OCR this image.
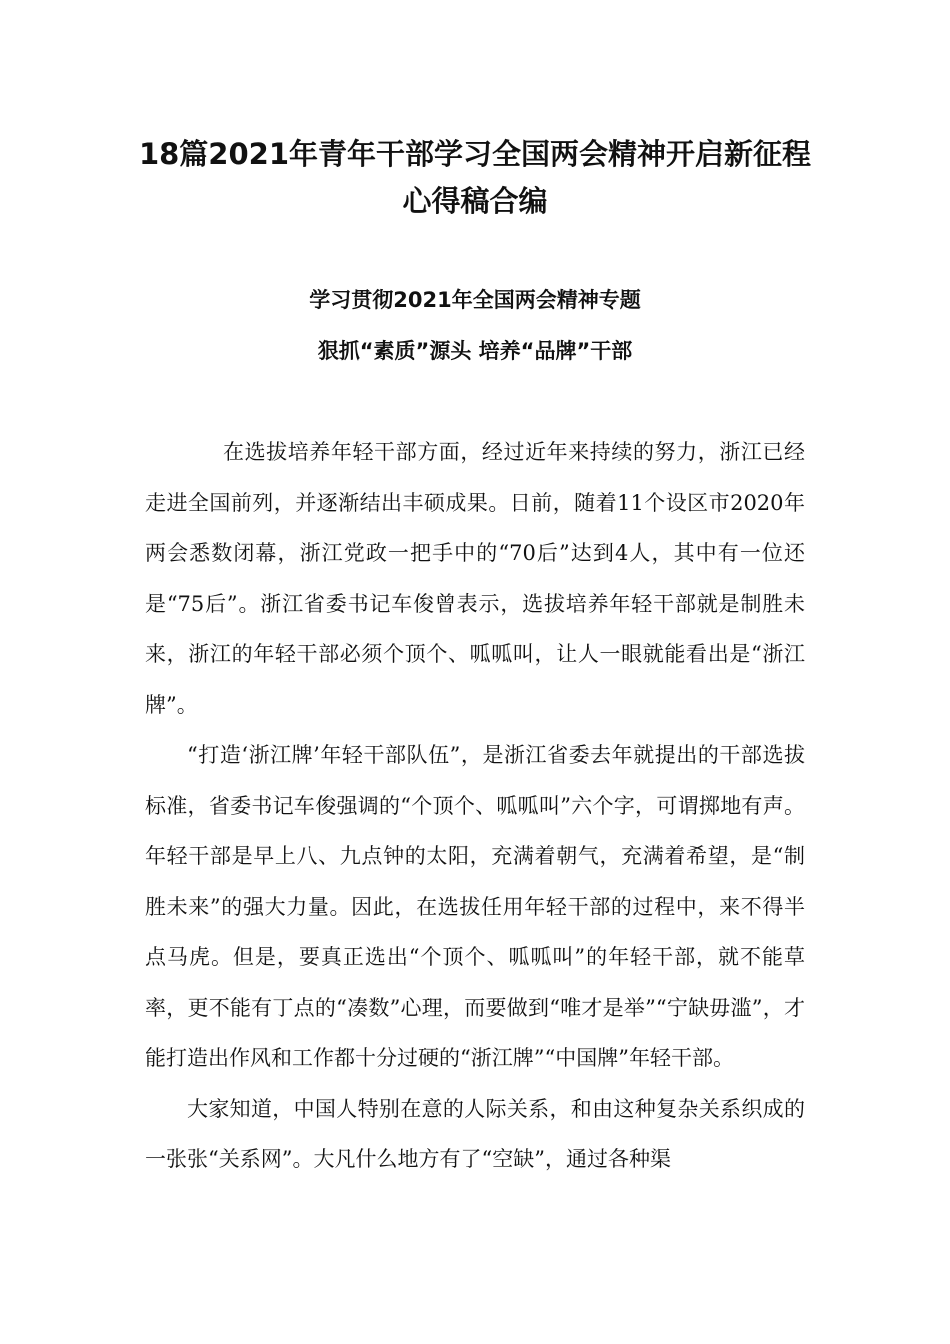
18篇2021年青年干部学习全国两会精神开启新征程
心得稿合编
学习贯彻2021年全国两会精神专题
狠抓“素质”源头 培养“品牌”干部

在选拔培养年轻干部方面，经过近年来持续的努力，浙江已经走进全国前列，并逐渐结出丰硕成果。日前，随着11个设区市2020年两会悉数闭幕，浙江党政一把手中的“70后”达到4人，其中有一位还是“75后”。浙江省委书记车俊曾表示，选拔培养年轻干部就是制胜未来，浙江的年轻干部必须个顶个、呱呱叫，让人一眼就能看出是“浙江牌”。

“打造‘浙江牌’年轻干部队伍”，是浙江省委去年就提出的干部选拔标准，省委书记车俊强调的“个顶个、呱呱叫”六个字，可谓掷地有声。年轻干部是早上八、九点钟的太阳，充满着朝气，充满着希望，是“制胜未来”的强大力量。因此，在选拔任用年轻干部的过程中，来不得半点马虎。但是，要真正选出“个顶个、呱呱叫”的年轻干部，就不能草率，更不能有丁点的“凑数”心理，而要做到“唯才是举”“宁缺毋滥”，才能打造出作风和工作都十分过硬的“浙江牌”“中国牌”年轻干部。

大家知道，中国人特别在意的人际关系，和由这种复杂关系织成的一张张“关系网”。大凡什么地方有了“空缺”，通过各种渠
